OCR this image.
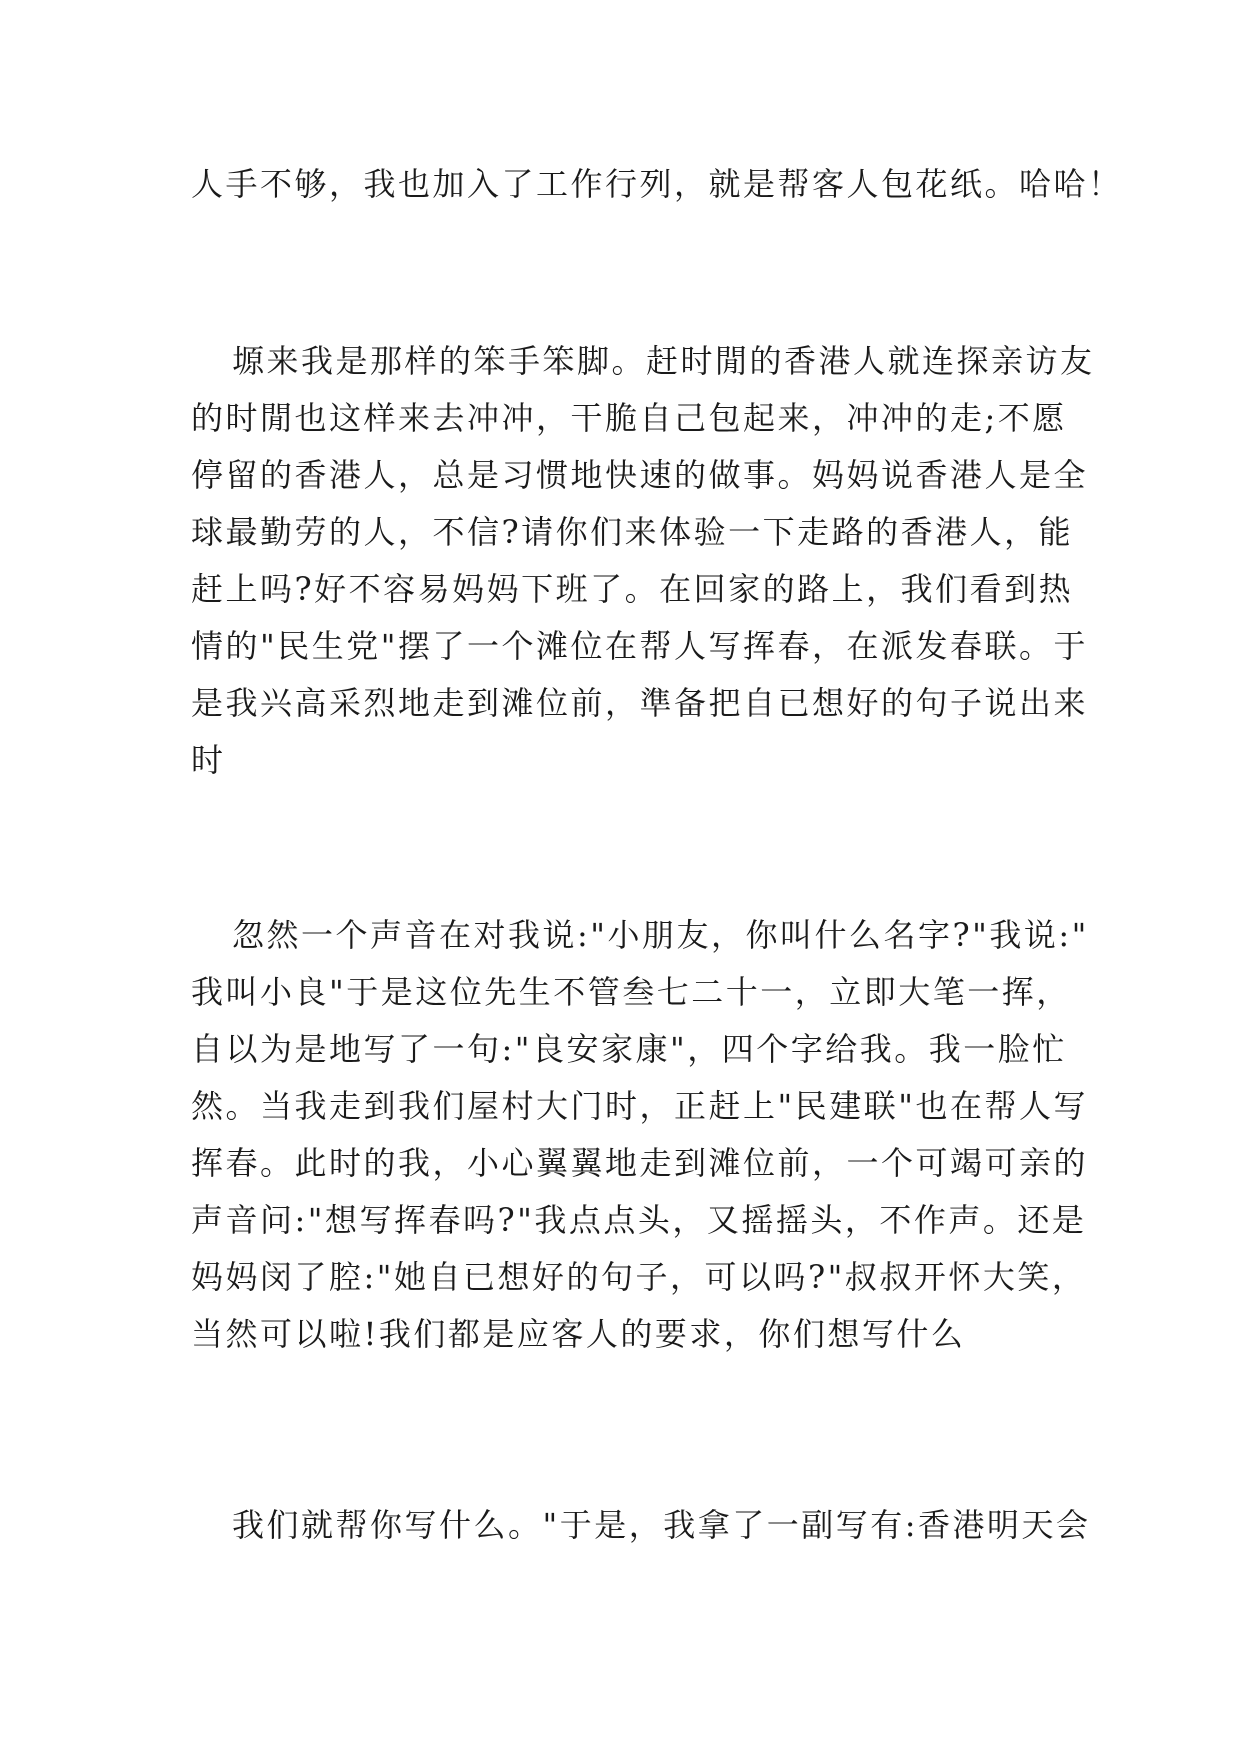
人手不够，我也加入了工作行列，就是帮客人包花纸。哈哈！
塬来我是那样的笨手笨脚。赶时閒的香港人就连探亲访友
的时閒也这样来去冲冲，干脆自己包起来，冲冲的走;不愿
停留的香港人，总是习惯地快速的做事。妈妈说香港人是全
球最勤劳的人，不信?请你们来体验一下走路的香港人，能
赶上吗?好不容易妈妈下班了。在回家的路上，我们看到热
情的"民生党"摆了一个滩位在帮人写挥春，在派发春联。于
是我兴高采烈地走到滩位前，準备把自已想好的句子说出来
时
忽然一个声音在对我说:"小朋友，你叫什么名字?"我说:"
我叫小良"于是这位先生不管叁七二十一，立即大笔一挥，
自以为是地写了一句:"良安家康"，四个字给我。我一脸忙
然。当我走到我们屋村大门时，正赶上"民建联"也在帮人写
挥春。此时的我，小心翼翼地走到滩位前，一个可竭可亲的
声音问:"想写挥春吗?"我点点头，又摇摇头，不作声。还是
妈妈闵了腔:"她自已想好的句子，可以吗?"叔叔开怀大笑，
当然可以啦!我们都是应客人的要求，你们想写什么
我们就帮你写什么。"于是，我拿了一副写有:香港明天会
